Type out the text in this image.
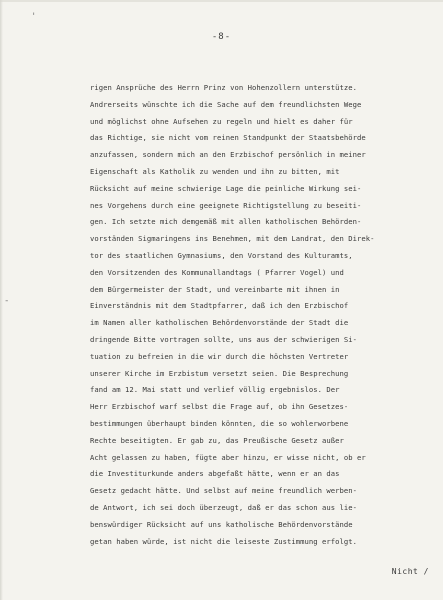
'
-
-8-
rigen Ansprüche des Herrn Prinz von Hohenzollern unterstütze.
Andrerseits wünschte ich die Sache auf dem freundlichsten Wege
und möglichst ohne Aufsehen zu regeln und hielt es daher für
das Richtige, sie nicht vom reinen Standpunkt der Staatsbehörde
anzufassen, sondern mich an den Erzbischof persönlich in meiner
Eigenschaft als Katholik zu wenden und ihn zu bitten, mit
Rücksicht auf meine schwierige Lage die peinliche Wirkung sei-
nes Vorgehens durch eine geeignete Richtigstellung zu beseiti-
gen. Ich setzte mich demgemäß mit allen katholischen Behörden-
vorständen Sigmaringens ins Benehmen, mit dem Landrat, den Direk-
tor des staatlichen Gymnasiums, den Vorstand des Kulturamts,
den Vorsitzenden des Kommunallandtags ( Pfarrer Vogel) und
dem Bürgermeister der Stadt, und vereinbarte mit ihnen in
Einverständnis mit dem Stadtpfarrer, daß ich den Erzbischof
im Namen aller katholischen Behördenvorstände der Stadt die
dringende Bitte vortragen sollte, uns aus der schwierigen Si-
tuation zu befreien in die wir durch die höchsten Vertreter
unserer Kirche im Erzbistum versetzt seien. Die Besprechung
fand am 12. Mai statt und verlief völlig ergebnislos. Der
Herr Erzbischof warf selbst die Frage auf, ob ihn Gesetzes-
bestimmungen überhaupt binden könnten, die so wohlerworbene
Rechte beseitigten. Er gab zu, das Preußische Gesetz außer
Acht gelassen zu haben, fügte aber hinzu, er wisse nicht, ob er
die Investiturkunde anders abgefaßt hätte, wenn er an das
Gesetz gedacht hätte. Und selbst auf meine freundlich werben-
de Antwort, ich sei doch überzeugt, daß er das schon aus lie-
benswürdiger Rücksicht auf uns katholische Behördenvorstände
getan haben würde, ist nicht die leiseste Zustimmung erfolgt.
Nicht /
